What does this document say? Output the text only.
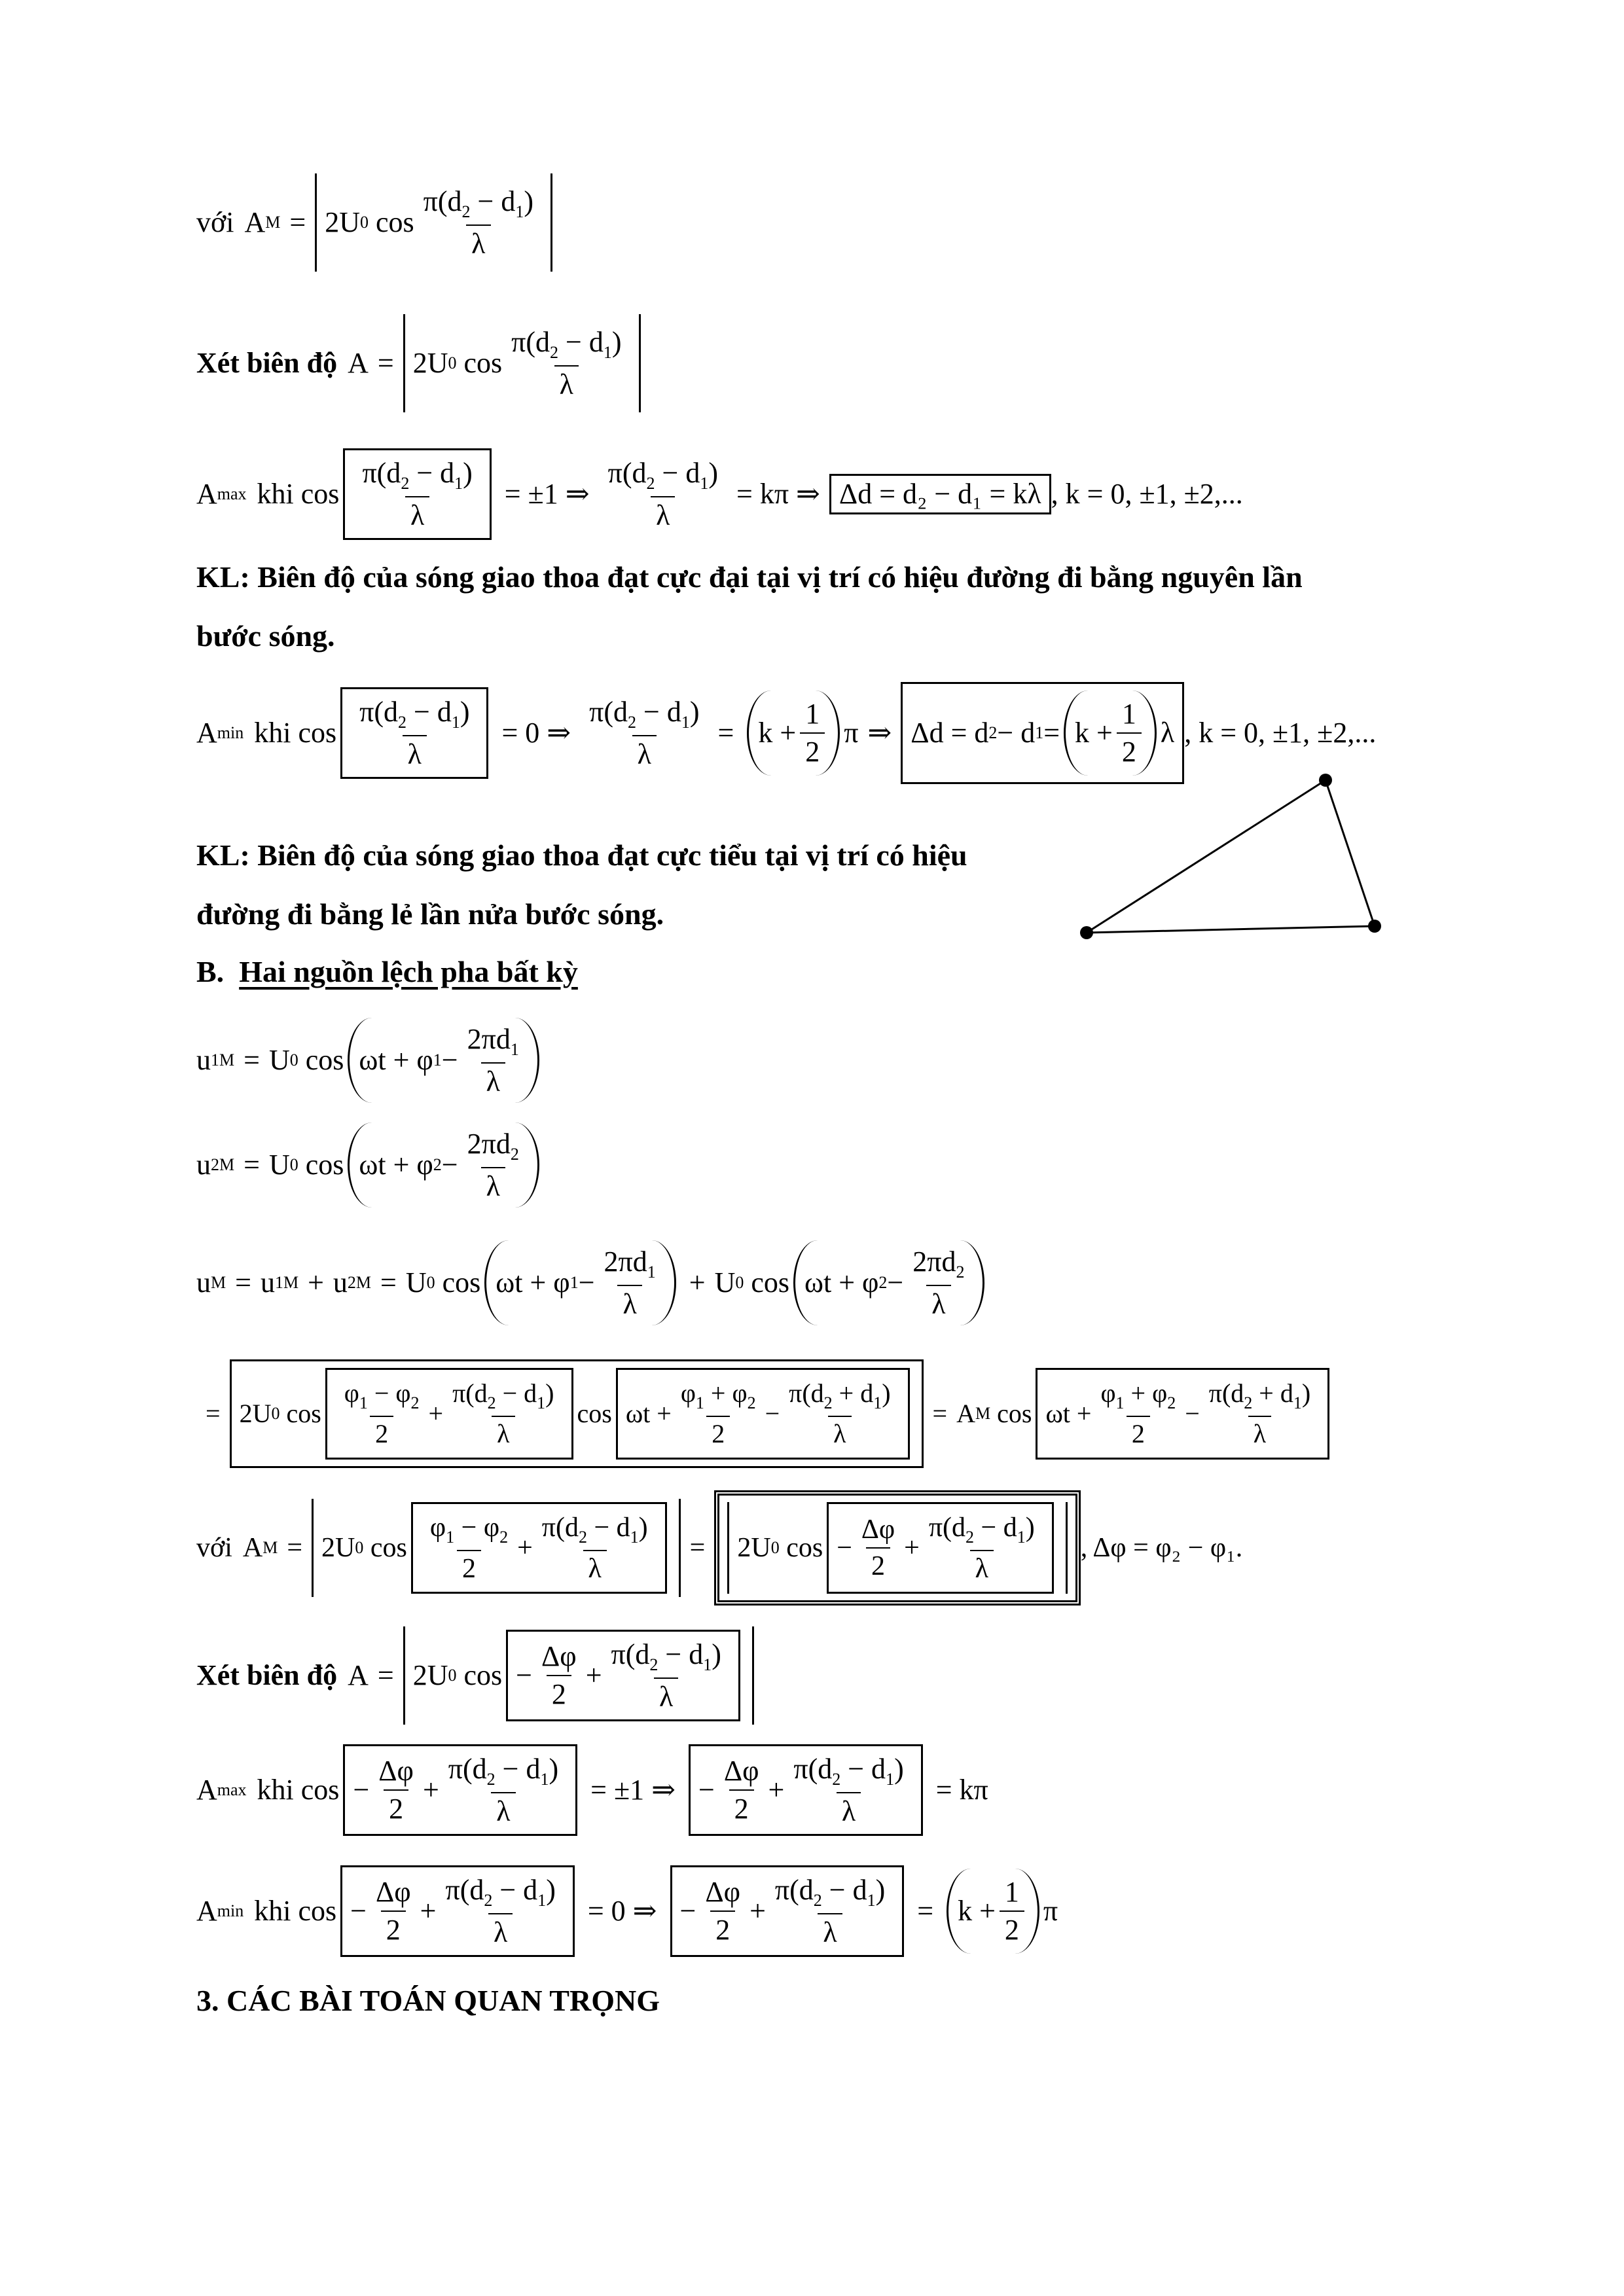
với A M = 2U 0 $\cos \frac{\pi(d_2 - d_1)}{\lambda}$
Xét biên độ A = 2U 0 $\cos \frac{\pi(d_2 - d_1)}{\lambda}$
A max khi $\cos \frac{\pi(d_2 - d_1)}{\lambda} = \pm 1$ ⇒ $\frac{\pi(d_2 - d_1)}{\lambda} = k\pi$ ⇒ Δd = d₂ − d₁ = kλ , k = 0, ±1, ±2,...
KL: Biên độ của sóng giao thoa đạt cực đại tại vị trí có hiệu đường đi bằng nguyên lần
bước sóng.
A min khi $\cos \frac{\pi(d_2 - d_1)}{\lambda} = 0$ ⇒ $\frac{\pi(d_2 - d_1)}{\lambda} = k + \frac{1}{2}$ π ⇒ Δd = d 2 − d $1 = k + \frac{1}{2}$ λ , k = 0, ±1, ±2,...
KL: Biên độ của sóng giao thoa đạt cực tiểu tại vị trí có hiệu
đường đi bằng lẻ lần nửa bước sóng.
B. Hai nguồn lệch pha bất kỳ
u 1M = U 0 cos ωt + φ $1 - \frac{2\pi d_1}{\lambda}$
u 2M = U 0 cos ωt + φ $2 - \frac{2\pi d_2}{\lambda}$
u M = u 1M + u 2M = U 0 cos ωt + φ $1 - \frac{2\pi d_1}{\lambda} + U$ 0 cos ωt + φ $2 - \frac{2\pi d_2}{\lambda}$
= 2U 0 $\cos \frac{\varphi_1 - \varphi_2}{2} + \frac{\pi(d_2 - d_1)}{\lambda}$ $\cos \omega t + \frac{\varphi_1 + \varphi_2}{2} - \frac{\pi(d_2 + d_1)}{\lambda}$	= A M $\cos \omega t + \frac{\varphi_1 + \varphi_2}{2} - \frac{\pi(d_2 + d_1)}{\lambda}$
với A M = 2U 0 $\cos \frac{\varphi_1 - \varphi_2}{2} + \frac{\pi(d_2 - d_1)}{\lambda}$	=	2U 0 $\cos - \frac{\Delta\varphi}{2} + \frac{\pi(d_2 - d_1)}{\lambda}$ , Δφ = φ₂ − φ₁.
Xét biên độ A = 2U 0 $\cos - \frac{\Delta\varphi}{2} + \frac{\pi(d_2 - d_1)}{\lambda}$
A max khi $\cos - \frac{\Delta\varphi}{2} + \frac{\pi(d_2 - d_1)}{\lambda} = \pm 1$ ⇒ − $\frac{\Delta\varphi}{2} + \frac{\pi(d_2 - d_1)}{\lambda} = k\pi$
A min khi $\cos - \frac{\Delta\varphi}{2} + \frac{\pi(d_2 - d_1)}{\lambda} = 0$ ⇒ − $\frac{\Delta\varphi}{2} + \frac{\pi(d_2 - d_1)}{\lambda} = k + \frac{1}{2}$ π
3. CÁC BÀI TOÁN QUAN TRỌNG
